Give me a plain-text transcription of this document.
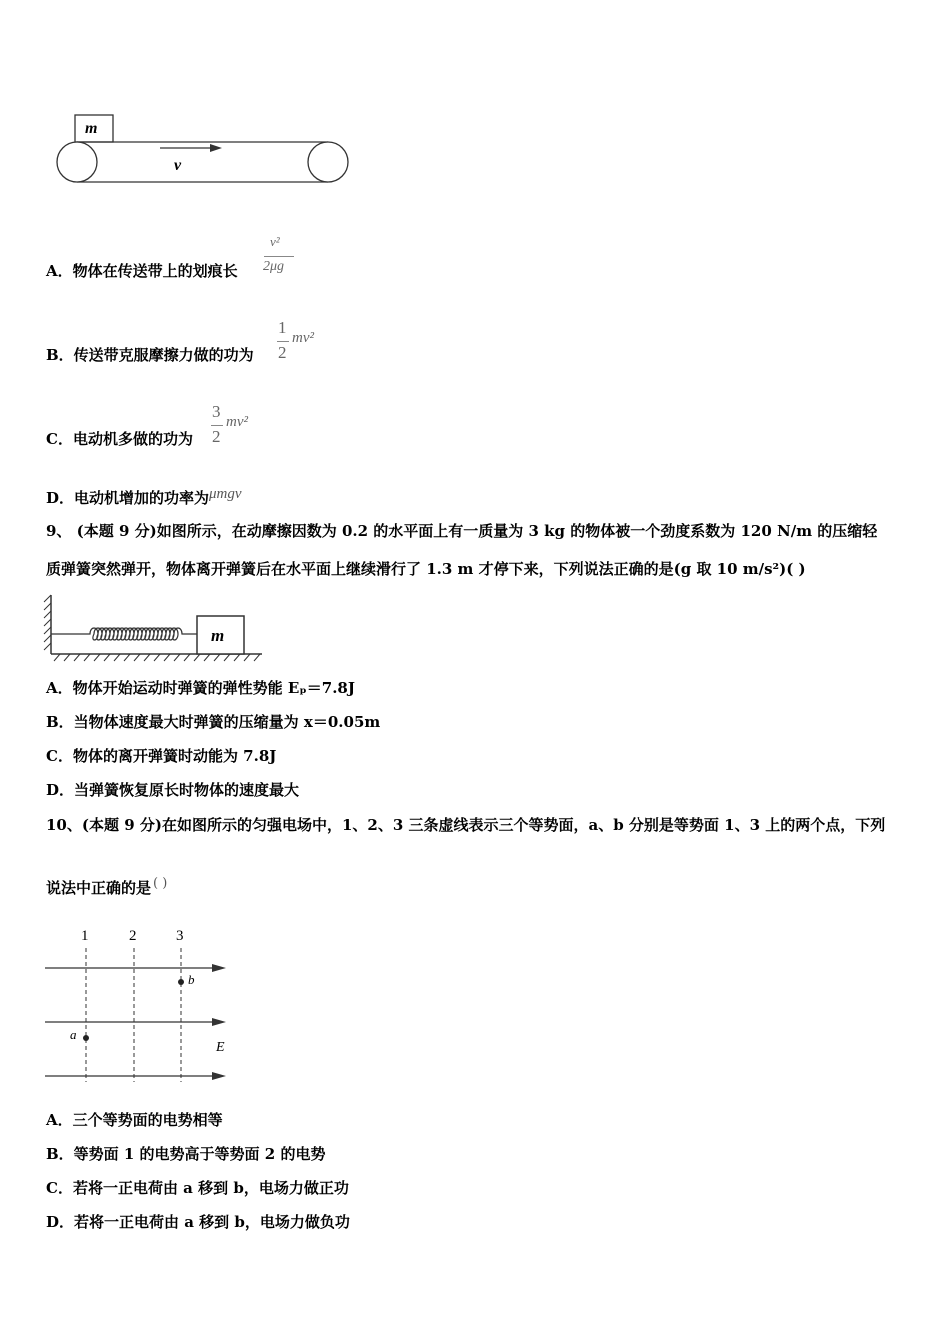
m
v
A．物体在传送带上的划痕长
v²
2μg
B．传送带克服摩擦力做的功为
1
2
mv²
C．电动机多做的功为
3
2
mv²
D．电动机增加的功率为μmgv
9、 (本题 9 分)如图所示，在动摩擦因数为 0.2 的水平面上有一质量为 3 kg 的物体被一个劲度系数为 120 N/m 的压缩轻
质弹簧突然弹开，物体离开弹簧后在水平面上继续滑行了 1.3 m 才停下来，下列说法正确的是(g 取 10 m/s²)( )
m
A．物体开始运动时弹簧的弹性势能 Eₚ＝7.8J
B．当物体速度最大时弹簧的压缩量为 x＝0.05m
C．物体的离开弹簧时动能为 7.8J
D．当弹簧恢复原长时物体的速度最大
10、(本题 9 分)在如图所示的匀强电场中，1、2、3 三条虚线表示三个等势面，a、b 分别是等势面 1、3 上的两个点，下列
说法中正确的是 ( )
1	2	3
b
a
E
A．三个等势面的电势相等
B．等势面 1 的电势高于等势面 2 的电势
C．若将一正电荷由 a 移到 b，电场力做正功
D．若将一正电荷由 a 移到 b，电场力做负功
